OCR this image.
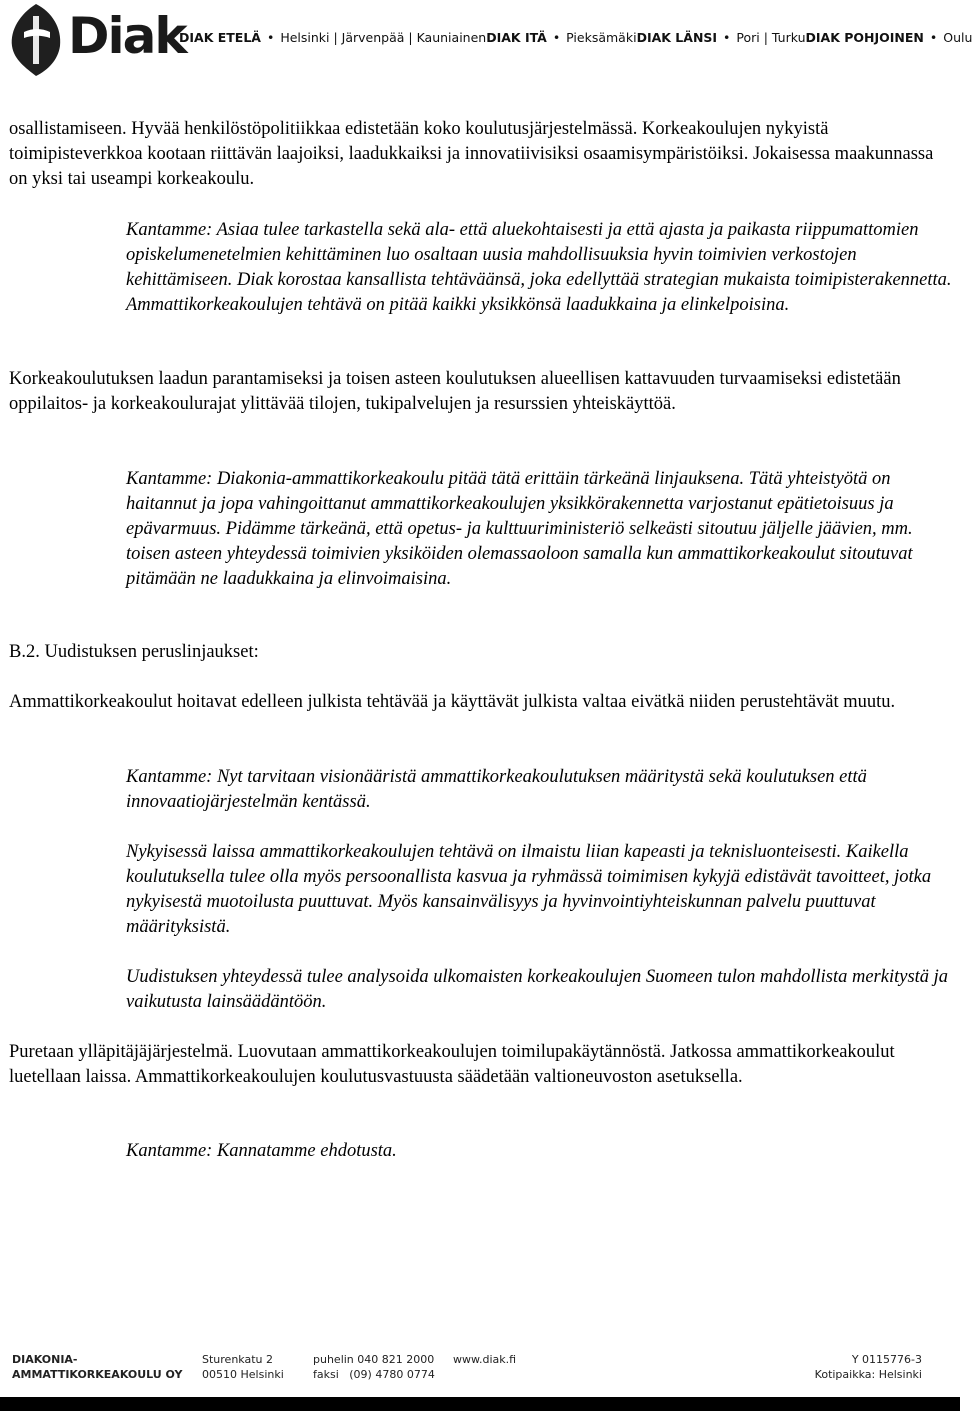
Diak
DIAK ETELÄ • Helsinki | Järvenpää | Kauniainen DIAK ITÄ • Pieksämäki DIAK LÄNSI • Pori | Turku DIAK POHJOINEN • Oulu

osallistamiseen. Hyvää henkilöstöpolitiikkaa edistetään koko koulutusjärjestelmässä. Korkeakoulujen nykyistä toimipisteverkkoa kootaan riittävän laajoiksi, laadukkaiksi ja innovatiivisiksi osaamisympäristöiksi. Jokaisessa maakunnassa on yksi tai useampi korkeakoulu.

Kantamme: Asiaa tulee tarkastella sekä ala- että aluekohtaisesti ja että ajasta ja paikasta riippumattomien opiskelumenetelmien kehittäminen luo osaltaan uusia mahdollisuuksia hyvin toimivien verkostojen kehittämiseen. Diak korostaa kansallista tehtäväänsä, joka edellyttää strategian mukaista toimipisterakennetta. Ammattikorkeakoulujen tehtävä on pitää kaikki yksikkönsä laadukkaina ja elinkelpoisina.

Korkeakoulutuksen laadun parantamiseksi ja toisen asteen koulutuksen alueellisen kattavuuden turvaamiseksi edistetään oppilaitos- ja korkeakoulurajat ylittävää tilojen, tukipalvelujen ja resurssien yhteiskäyttöä.

Kantamme: Diakonia-ammattikorkeakoulu pitää tätä erittäin tärkeänä linjauksena. Tätä yhteistyötä on haitannut ja jopa vahingoittanut ammattikorkeakoulujen yksikkörakennetta varjostanut epätietoisuus ja epävarmuus. Pidämme tärkeänä, että opetus- ja kulttuuriministeriö selkeästi sitoutuu jäljelle jäävien, mm. toisen asteen yhteydessä toimivien yksiköiden olemassaoloon samalla kun ammattikorkeakoulut sitoutuvat pitämään ne laadukkaina ja elinvoimaisina.

B.2. Uudistuksen peruslinjaukset:

Ammattikorkeakoulut hoitavat edelleen julkista tehtävää ja käyttävät julkista valtaa eivätkä niiden perustehtävät muutu.

Kantamme: Nyt tarvitaan visionääristä ammattikorkeakoulutuksen määritystä sekä koulutuksen että innovaatiojärjestelmän kentässä.

Nykyisessä laissa ammattikorkeakoulujen tehtävä on ilmaistu liian kapeasti ja teknisluonteisesti. Kaikella koulutuksella tulee olla myös persoonallista kasvua ja ryhmässä toimimisen kykyjä edistävät tavoitteet, jotka nykyisestä muotoilusta puuttuvat. Myös kansainvälisyys ja hyvinvointiyhteiskunnan palvelu puuttuvat määrityksistä.

Uudistuksen yhteydessä tulee analysoida ulkomaisten korkeakoulujen Suomeen tulon mahdollista merkitystä ja vaikutusta lainsäädäntöön.

Puretaan ylläpitäjäjärjestelmä. Luovutaan ammattikorkeakoulujen toimilupakäytännöstä. Jatkossa ammattikorkeakoulut luetellaan laissa. Ammattikorkeakoulujen koulutusvastuusta säädetään valtioneuvoston asetuksella.

Kantamme: Kannatamme ehdotusta.

DIAKONIA-
AMMATTIKORKEAKOULU OY
Sturenkatu 2
00510 Helsinki
puhelin 040 821 2000
faksi   (09) 4780 0774
www.diak.fi	Y 0115776-3
Kotipaikka: Helsinki
